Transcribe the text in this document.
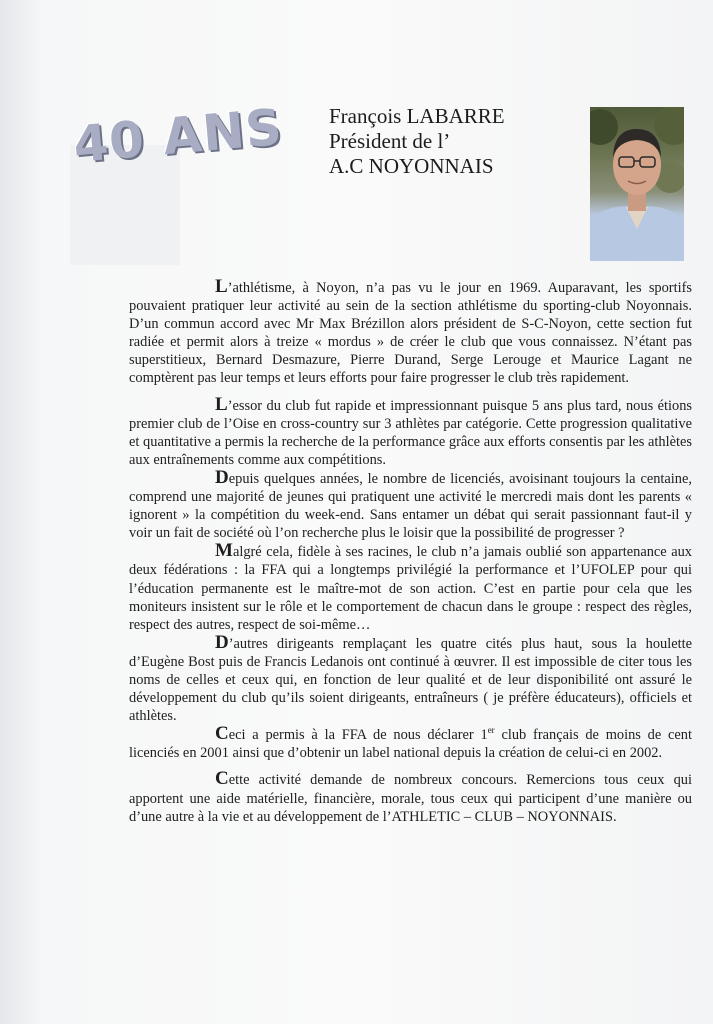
40 ANS François LABARRE
Président de l’
A.C NOYONNAIS

L’athlétisme, à Noyon, n’a pas vu le jour en 1969. Auparavant, les sportifs pouvaient pratiquer leur activité au sein de la section athlétisme du sporting-club Noyonnais. D’un commun accord avec Mr Max Brézillon alors président de S-C-Noyon, cette section fut radiée et permit alors à treize « mordus » de créer le club que vous connaissez. N’étant pas superstitieux, Bernard Desmazure, Pierre Durand, Serge Lerouge et Maurice Lagant ne comptèrent pas leur temps et leurs efforts pour faire progresser le club très rapidement.

L’essor du club fut rapide et impressionnant puisque 5 ans plus tard, nous étions premier club de l’Oise en cross-country sur 3 athlètes par catégorie. Cette progression qualitative et quantitative a permis la recherche de la performance grâce aux efforts consentis par les athlètes aux entraînements comme aux compétitions.

Depuis quelques années, le nombre de licenciés, avoisinant toujours la centaine, comprend une majorité de jeunes qui pratiquent une activité le mercredi mais dont les parents « ignorent » la compétition du week-end. Sans entamer un débat qui serait passionnant faut-il y voir un fait de société où l’on recherche plus le loisir que la possibilité de progresser ?

Malgré cela, fidèle à ses racines, le club n’a jamais oublié son appartenance aux deux fédérations : la FFA qui a longtemps privilégié la performance et l’UFOLEP pour qui l’éducation permanente est le maître-mot de son action. C’est en partie pour cela que les moniteurs insistent sur le rôle et le comportement de chacun dans le groupe : respect des règles, respect des autres, respect de soi-même…

D’autres dirigeants remplaçant les quatre cités plus haut, sous la houlette d’Eugène Bost puis de Francis Ledanois ont continué à œuvrer. Il est impossible de citer tous les noms de celles et ceux qui, en fonction de leur qualité et de leur disponibilité ont assuré le développement du club qu’ils soient dirigeants, entraîneurs ( je préfère éducateurs), officiels et athlètes.

Ceci a permis à la FFA de nous déclarer 1er club français de moins de cent licenciés en 2001 ainsi que d’obtenir un label national depuis la création de celui-ci en 2002.

Cette activité demande de nombreux concours. Remercions tous ceux qui apportent une aide matérielle, financière, morale, tous ceux qui participent d’une manière ou d’une autre à la vie et au développement de l’ATHLETIC – CLUB – NOYONNAIS.
